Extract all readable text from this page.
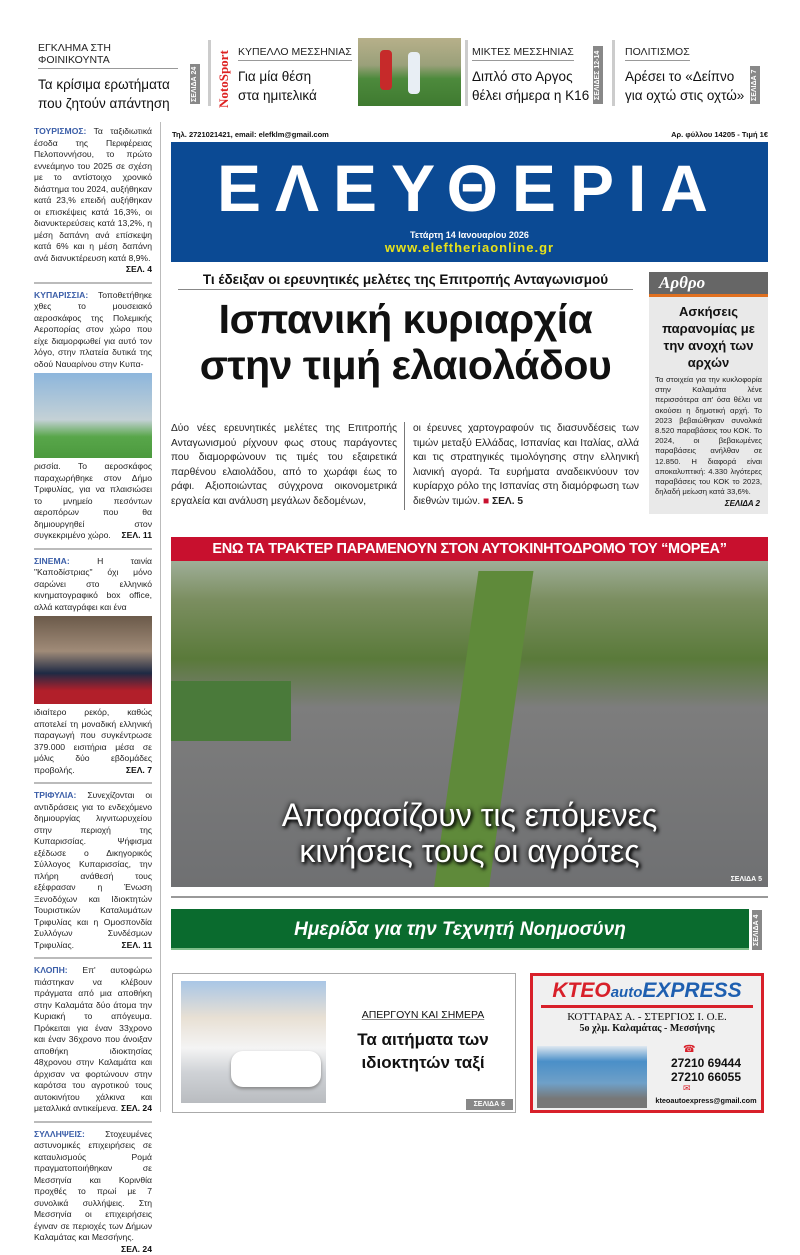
ΕΓΚΛΗΜΑ ΣΤΗ ΦΟΙΝΙΚΟΥΝΤΑ
Τα κρίσιμα ερωτήματα
που ζητούν απάντηση
ΣΕΛΙΔΑ 24 NotoSport ΚΥΠΕΛΛΟ ΜΕΣΣΗΝΙΑΣ
Για μία θέση
στα ημιτελικά
ΜΙΚΤΕΣ ΜΕΣΣΗΝΙΑΣ
Διπλό στο Αργος
θέλει σήμερα η Κ16 ΣΕΛΙΔΕΣ 12-14 ΠΟΛΙΤΙΣΜΟΣ
Αρέσει το «Δείπνο
για οχτώ στις οχτώ» ΣΕΛΙΔΑ 7
ΤΟΥΡΙΣΜΟΣ: Τα ταξιδιωτικά έσοδα της Περιφέρειας Πελοποννήσου, το πρώτο εννεάμηνο του 2025 σε σχέση με το αντίστοιχο χρονικό διάστημα του 2024, αυξήθηκαν κατά 23,% επειδή αυξήθηκαν οι επισκέψεις κατά 16,3%, οι διανυκτερεύσεις κατά 13,2%, η μέση δαπάνη ανά επίσκεψη κατά 6% και η μέση δαπάνη ανά διανυκτέρευση κατά 8,9%.
ΣΕΛ. 4
ΚΥΠΑΡΙΣΣΙΑ: Τοποθετήθηκε χθες το μουσειακό αεροσκάφος της Πολεμικής Αεροπορίας στον χώρο που είχε διαμορφωθεί για αυτό τον λόγο, στην πλατεία δυτικά της οδού Ναυαρίνου στην Κυπα-
ρισσία. Το αεροσκάφος παραχωρήθηκε στον Δήμο Τριφυλίας, για να πλαισιώσει το μνημείο πεσόντων αεροπόρων που θα δημιουργηθεί στον συγκεκριμένο χώρο. ΣΕΛ. 11
ΣΙΝΕΜΑ:	Η ταινία "Καποδίστριας" όχι μόνο σαρώνει στο ελληνικό κινηματογραφικό box office, αλλά καταγράφει και ένα
ιδιαίτερο ρεκόρ, καθώς αποτελεί τη μοναδική ελληνική παραγωγή που συγκέντρωσε 379.000 εισιτήρια μέσα σε μόλις δύο εβδομάδες προβολής.	ΣΕΛ. 7
ΤΡΙΦΥΛΙΑ: Συνεχίζονται οι αντιδράσεις για το ενδεχόμενο δημιουργίας λιγνιτωρυχείου στην περιοχή της Κυπαρισσίας. Ψήφισμα εξέδωσε ο Δικηγορικός Σύλλογος Κυπαρισσίας, την πλήρη ανάθεσή τους εξέφρασαν η Ένωση Ξενοδόχων και Ιδιοκτητών Τουριστικών Καταλυμάτων Τριφυλίας και η Ομοσπονδία Συλλόγων Συνδέσμων Τριφυλίας.	ΣΕΛ. 11
ΚΛΟΠΗ: Επ' αυτοφώρω πιάστηκαν να κλέβουν πράγματα από μια αποθήκη στην Καλαμάτα δύο άτομα την Κυριακή το απόγευμα. Πρόκειται για έναν 33χρονο και έναν 36χρονο που άνοιξαν αποθήκη ιδιοκτησίας 48χρονου στην Καλαμάτα και άρχισαν να φορτώνουν στην καρότσα του αγροτικού τους αυτοκινήτου χάλκινα και μεταλλικά αντικείμενα. ΣΕΛ. 24
ΣΥΛΛΗΨΕΙΣ: Στοχευμένες αστυνομικές επιχειρήσεις σε καταυλισμούς Ρομά πραγματοποιήθηκαν σε Μεσσηνία και Κορινθία προχθές το πρωί με 7 συνολικά συλλήψεις. Στη Μεσσηνία οι επιχειρήσεις έγιναν σε περιοχές των Δήμων Καλαμάτας και Μεσσήνης.
ΣΕΛ. 24
Τηλ. 2721021421, email: elefklm@gmail.com	Αρ. φύλλου 14205 - Τιμή 1€
ΕΛΕΥΘΕΡΙΑ
Τετάρτη 14 Ιανουαρίου 2026
www.eleftheriaonline.gr
Τι έδειξαν οι ερευνητικές μελέτες της Επιτροπής Ανταγωνισμού
Ισπανική κυριαρχία
στην τιμή ελαιολάδου
Δύο νέες ερευνητικές μελέτες της Επιτροπής Ανταγωνισμού ρίχνουν φως στους παράγοντες που διαμορφώνουν τις τιμές του εξαιρετικά παρθένου ελαιολάδου, από το χωράφι έως το ράφι. Αξιοποιώντας σύγχρονα οικονομετρικά εργαλεία και ανάλυση μεγάλων δεδομένων,
οι έρευνες χαρτογραφούν τις διασυνδέσεις των τιμών μεταξύ Ελλάδας, Ισπανίας και Ιταλίας, αλλά και τις στρατηγικές τιμολόγησης στην ελληνική λιανική αγορά. Τα ευρήματα αναδεικνύουν τον κυρίαρχο ρόλο της Ισπανίας στη διαμόρφωση των διεθνών τιμών. ■ ΣΕΛ. 5
Αρθρο
Ασκήσεις παρανομίας με την ανοχή των αρχών
Τα στοιχεία για την κυκλοφορία στην Καλαμάτα λένε περισσότερα απ' όσα θέλει να ακούσει η δημοτική αρχή. Το 2023 βεβαιώθηκαν συνολικά 8.520 παραβάσεις του ΚΟΚ. Το 2024, οι βεβαιωμένες παραβάσεις ανήλθαν σε 12.850. Η διαφορά είναι αποκαλυπτική: 4.330 λιγότερες παραβάσεις του ΚΟΚ το 2023, δηλαδή μείωση κατά 33,6%.
ΣΕΛΙΔΑ 2
ΕΝΩ ΤΑ ΤΡΑΚΤΕΡ ΠΑΡΑΜΕΝΟΥΝ ΣΤΟΝ ΑΥΤΟΚΙΝΗΤΟΔΡΟΜΟ ΤΟΥ “ΜΟΡΕΑ”
Αποφασίζουν τις επόμενες
κινήσεις τους οι αγρότες
ΣΕΛΙΔΑ 5
Ημερίδα για την Τεχνητή Νοημοσύνη	ΣΕΛΙΔΑ 4
ΑΠΕΡΓΟΥΝ ΚΑΙ ΣΗΜΕΡΑ
Τα αιτήματα των
ιδιοκτητών ταξί
ΣΕΛΙΔΑ 6
ΚΤΕΟautoEXPRESS
ΚΟΤΤΑΡΑΣ Α. - ΣΤΕΡΓΙΟΣ Ι. Ο.Ε.
5ο χλμ. Καλαμάτας - Μεσσήνης
☎
27210 69444
27210 66055
✉
kteoautoexpress@gmail.com
